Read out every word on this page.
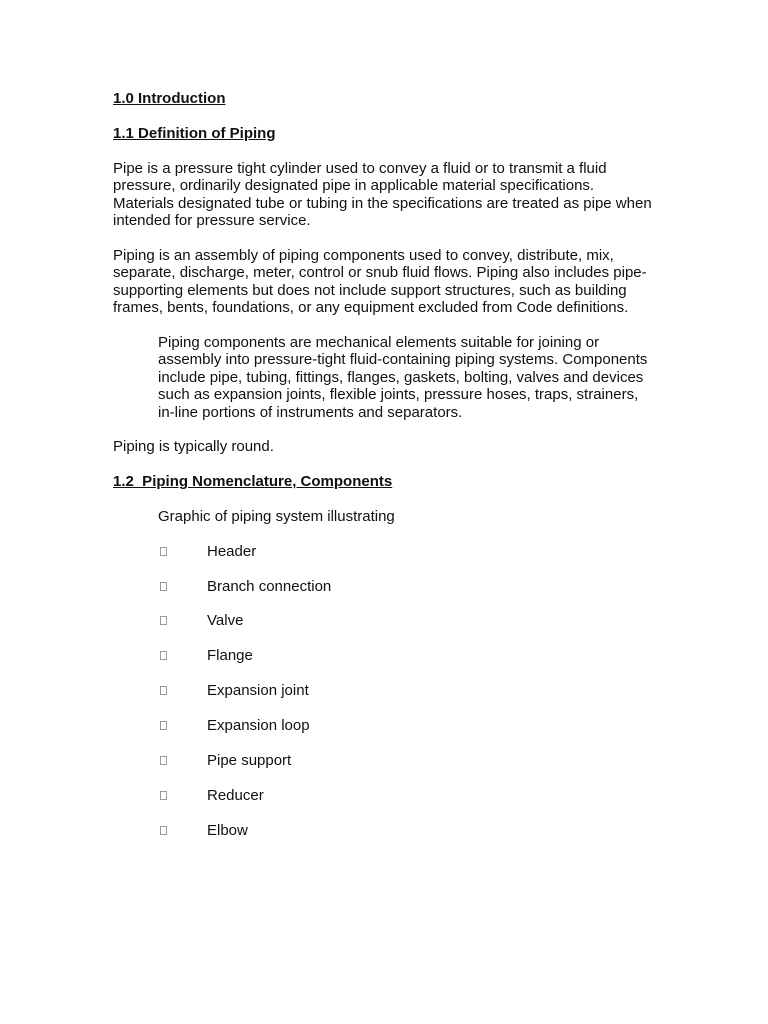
1.0 Introduction
1.1 Definition of Piping
Pipe is a pressure tight cylinder used to convey a fluid or to transmit a fluid
pressure, ordinarily designated pipe in applicable material specifications.
Materials designated tube or tubing in the specifications are treated as pipe when
intended for pressure service.
Piping is an assembly of piping components used to convey, distribute, mix,
separate, discharge, meter, control or snub fluid flows. Piping also includes pipe-
supporting elements but does not include support structures, such as building
frames, bents, foundations, or any equipment excluded from Code definitions.
Piping components are mechanical elements suitable for joining or
assembly into pressure-tight fluid-containing piping systems. Components
include pipe, tubing, fittings, flanges, gaskets, bolting, valves and devices
such as expansion joints, flexible joints, pressure hoses, traps, strainers,
in-line portions of instruments and separators.
Piping is typically round.
1.2  Piping Nomenclature, Components
Graphic of piping system illustrating
Header
Branch connection
Valve
Flange
Expansion joint
Expansion loop
Pipe support
Reducer
Elbow
